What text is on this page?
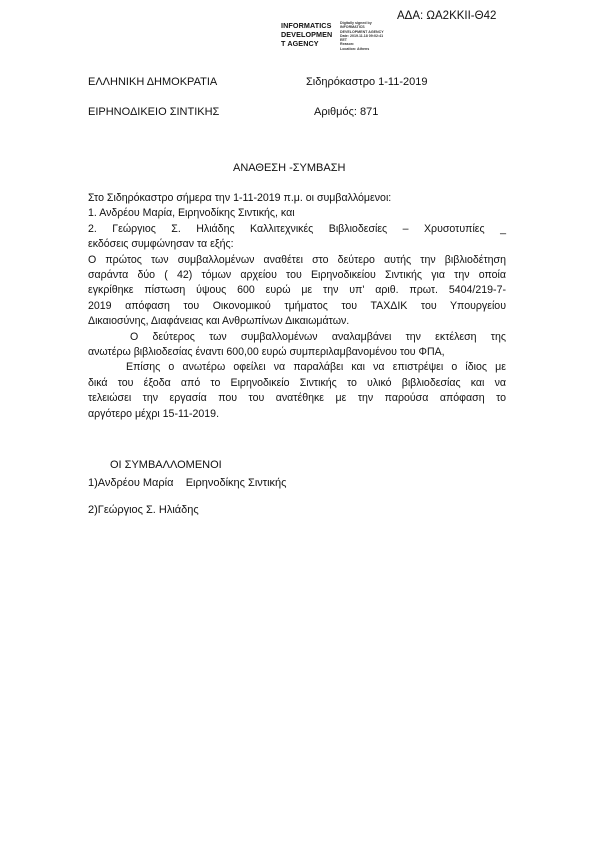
ΑΔΑ: ΩΑ2ΚΚΙΙ-Θ42
INFORMATICS
DEVELOPMEN
T AGENCY
Digitally signed by
INFORMATICS
DEVELOPMENT AGENCY
Date: 2019.11.18 09:02:41
EET
Reason:
Location: Athens
ΕΛΛΗΝΙΚΗ ΔΗΜΟΚΡΑΤΙΑ	Σιδηρόκαστρο 1-11-2019
ΕΙΡΗΝΟΔΙΚΕΙΟ ΣΙΝΤΙΚΗΣ	Αριθμός: 871
ΑΝΑΘΕΣΗ -ΣΥΜΒΑΣΗ
Στο Σιδηρόκαστρο σήμερα την 1-11-2019 π.μ. οι συμβαλλόμενοι:
1. Ανδρέου Μαρία, Ειρηνοδίκης Σιντικής, και
2. Γεώργιος Σ. Ηλιάδης Καλλιτεχνικές Βιβλιοδεσίες – Χρυσοτυπίες _
εκδόσεις συμφώνησαν τα εξής:
Ο πρώτος των συμβαλλομένων αναθέτει στο δεύτερο αυτής την βιβλιοδέτηση
σαράντα δύο ( 42) τόμων αρχείου του Ειρηνοδικείου Σιντικής για την οποία
εγκρίθηκε πίστωση ύψους 600 ευρώ με την υπ' αριθ. πρωτ. 5404/219-7-
2019 απόφαση του Οικονομικού τμήματος του ΤΑΧΔΙΚ του Υπουργείου
Δικαιοσύνης, Διαφάνειας και Ανθρωπίνων Δικαιωμάτων.
Ο δεύτερος των συμβαλλομένων αναλαμβάνει την εκτέλεση της
ανωτέρω βιβλιοδεσίας έναντι 600,00 ευρώ συμπεριλαμβανομένου του ΦΠΑ,
Επίσης ο ανωτέρω οφείλει να παραλάβει και να επιστρέψει ο ίδιος με
δικά του έξοδα από το Ειρηνοδικείο Σιντικής το υλικό βιβλιοδεσίας και να
τελειώσει την εργασία που του ανατέθηκε με την παρούσα απόφαση το
αργότερο μέχρι 15-11-2019.
ΟΙ ΣΥΜΒΑΛΛΟΜΕΝΟΙ
1)Ανδρέου Μαρία    Ειρηνοδίκης Σιντικής
2)Γεώργιος Σ. Ηλιάδης
